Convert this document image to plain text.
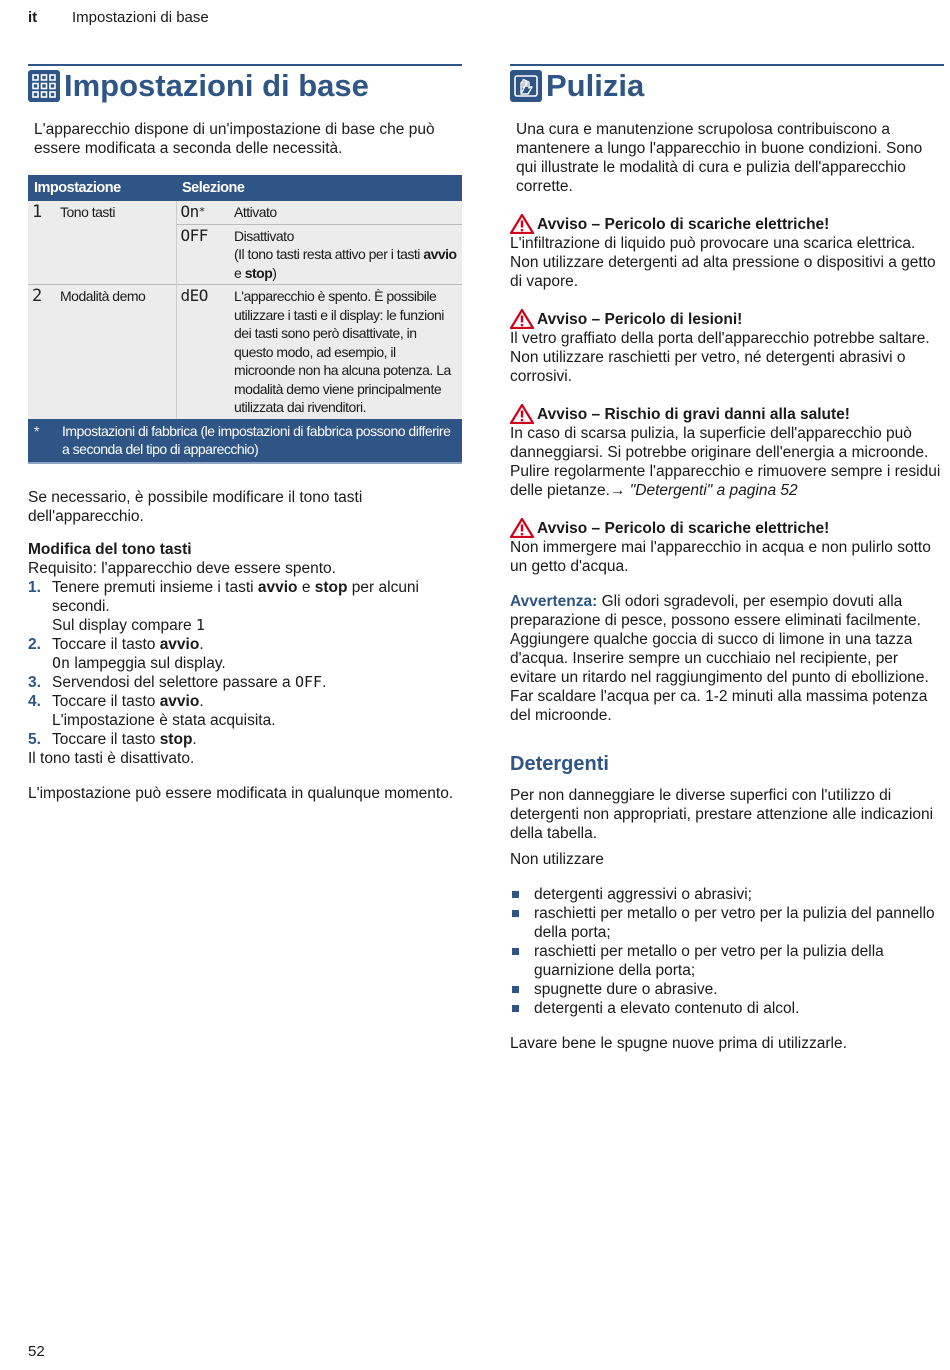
it Impostazioni di base
Impostazioni di base

L'apparecchio dispone di un'impostazione di base che può essere modificata a seconda delle necessità.

Impostazione		Selezione	
1	Tono tasti	On*	Attivato
		OFF	Disattivato
(Il tono tasti resta attivo per i tasti avvio e stop)
2	Modalità demo	dEO	L'apparecchio è spento. È possibile utilizzare i tasti e il display: le funzioni dei tasti sono però disattivate, in questo modo, ad esempio, il microonde non ha alcuna potenza. La modalità demo viene principalmente utilizzata dai rivenditori.
*	Impostazioni di fabbrica (le impostazioni di fabbrica possono differire a seconda del tipo di apparecchio)		

Se necessario, è possibile modificare il tono tasti dell'apparecchio.

Modifica del tono tasti

Requisito: l'apparecchio deve essere spento.

1. Tenere premuti insieme i tasti avvio e stop per alcuni secondi.
Sul display compare 1
2. Toccare il tasto avvio.
On lampeggia sul display.
3. Servendosi del selettore passare a OFF.
4. Toccare il tasto avvio.
L'impostazione è stata acquisita.
5. Toccare il tasto stop.

Il tono tasti è disattivato.

L'impostazione può essere modificata in qualunque momento.

Pulizia

Una cura e manutenzione scrupolosa contribuiscono a mantenere a lungo l'apparecchio in buone condizioni. Sono qui illustrate le modalità di cura e pulizia dell'apparecchio corrette.

Avviso – Pericolo di scariche elettriche!

L'infiltrazione di liquido può provocare una scarica elettrica. Non utilizzare detergenti ad alta pressione o dispositivi a getto di vapore.

Avviso – Pericolo di lesioni!

Il vetro graffiato della porta dell'apparecchio potrebbe saltare. Non utilizzare raschietti per vetro, né detergenti abrasivi o corrosivi.

Avviso – Rischio di gravi danni alla salute!

In caso di scarsa pulizia, la superficie dell'apparecchio può danneggiarsi. Si potrebbe originare dell'energia a microonde. Pulire regolarmente l'apparecchio e rimuovere sempre i residui delle pietanze.→ "Detergenti" a pagina 52

Avviso – Pericolo di scariche elettriche!

Non immergere mai l'apparecchio in acqua e non pulirlo sotto un getto d'acqua.

Avvertenza: Gli odori sgradevoli, per esempio dovuti alla preparazione di pesce, possono essere eliminati facilmente. Aggiungere qualche goccia di succo di limone in una tazza d'acqua. Inserire sempre un cucchiaio nel recipiente, per evitare un ritardo nel raggiungimento del punto di ebollizione. Far scaldare l'acqua per ca. 1-2 minuti alla massima potenza del microonde.

Detergenti

Per non danneggiare le diverse superfici con l'utilizzo di detergenti non appropriati, prestare attenzione alle indicazioni della tabella.

Non utilizzare

detergenti aggressivi o abrasivi;
raschietti per metallo o per vetro per la pulizia del pannello della porta;
raschietti per metallo o per vetro per la pulizia della guarnizione della porta;
spugnette dure o abrasive.
detergenti a elevato contenuto di alcol.

Lavare bene le spugne nuove prima di utilizzarle.

52
